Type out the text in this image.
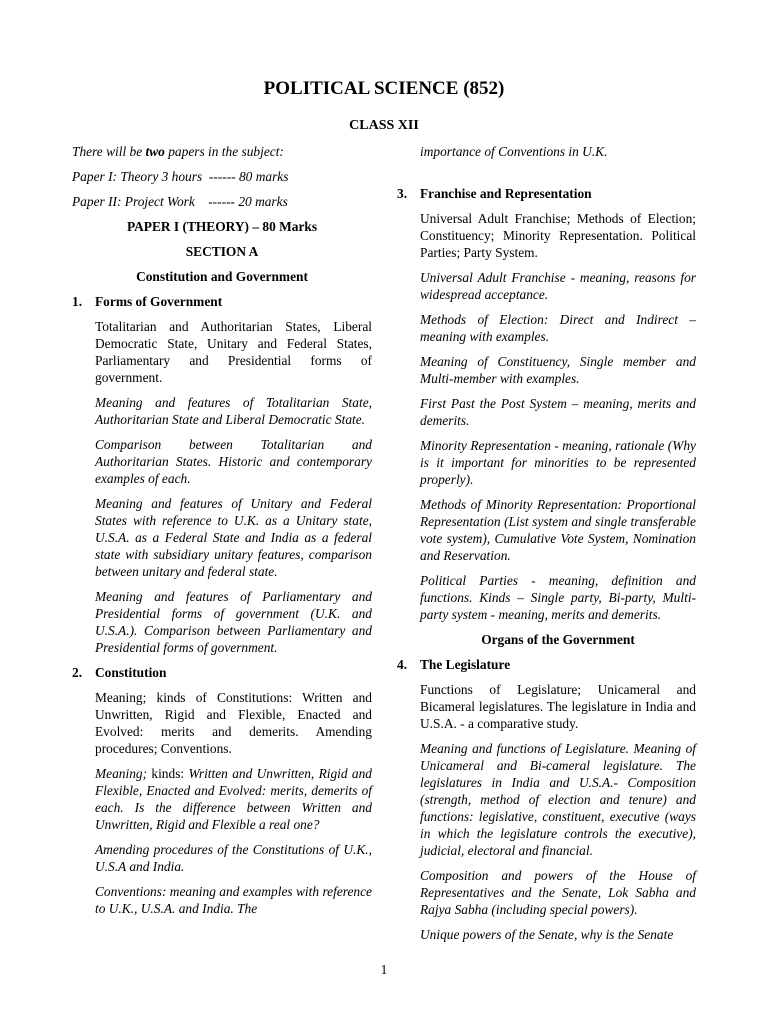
POLITICAL SCIENCE (852)
CLASS XII

There will be two papers in the subject:

Paper I: Theory 3 hours  ------ 80 marks

Paper II: Project Work    ------ 20 marks

PAPER I (THEORY) – 80 Marks

SECTION A

Constitution and Government

1. Forms of Government

Totalitarian and Authoritarian States, Liberal Democratic State, Unitary and Federal States, Parliamentary and Presidential forms of government.

Meaning and features of Totalitarian State, Authoritarian State and Liberal Democratic State.

Comparison between Totalitarian and Authoritarian States. Historic and contemporary examples of each.

Meaning and features of Unitary and Federal States with reference to U.K. as a Unitary state, U.S.A. as a Federal State and India as a federal state with subsidiary unitary features, comparison between unitary and federal state.

Meaning and features of Parliamentary and Presidential forms of government (U.K. and U.S.A.). Comparison between Parliamentary and Presidential forms of government.

2. Constitution

Meaning; kinds of Constitutions: Written and Unwritten, Rigid and Flexible, Enacted and Evolved: merits and demerits. Amending procedures; Conventions.

Meaning; kinds: Written and Unwritten, Rigid and Flexible, Enacted and Evolved: merits, demerits of each. Is the difference between Written and Unwritten, Rigid and Flexible a real one?

Amending procedures of the Constitutions of U.K., U.S.A and India.

Conventions: meaning and examples with reference to U.K., U.S.A. and India. The

importance of Conventions in U.K.

3. Franchise and Representation

Universal Adult Franchise; Methods of Election; Constituency; Minority Representation. Political Parties; Party System.

Universal Adult Franchise - meaning, reasons for widespread acceptance.

Methods of Election: Direct and Indirect – meaning with examples.

Meaning of Constituency, Single member and Multi-member with examples.

First Past the Post System – meaning, merits and demerits.

Minority Representation - meaning, rationale (Why is it important for minorities to be represented properly).

Methods of Minority Representation: Proportional Representation (List system and single transferable vote system), Cumulative Vote System, Nomination and Reservation.

Political Parties - meaning, definition and functions. Kinds – Single party, Bi-party, Multi-party system - meaning, merits and demerits.

Organs of the Government

4. The Legislature

Functions of Legislature; Unicameral and Bicameral legislatures. The legislature in India and U.S.A. - a comparative study.

Meaning and functions of Legislature. Meaning of Unicameral and Bi-cameral legislature. The legislatures in India and U.S.A.- Composition (strength, method of election and tenure) and functions: legislative, constituent, executive (ways in which the legislature controls the executive), judicial, electoral and financial.

Composition and powers of the House of Representatives and the Senate, Lok Sabha and Rajya Sabha (including special powers).

Unique powers of the Senate, why is the Senate

1
